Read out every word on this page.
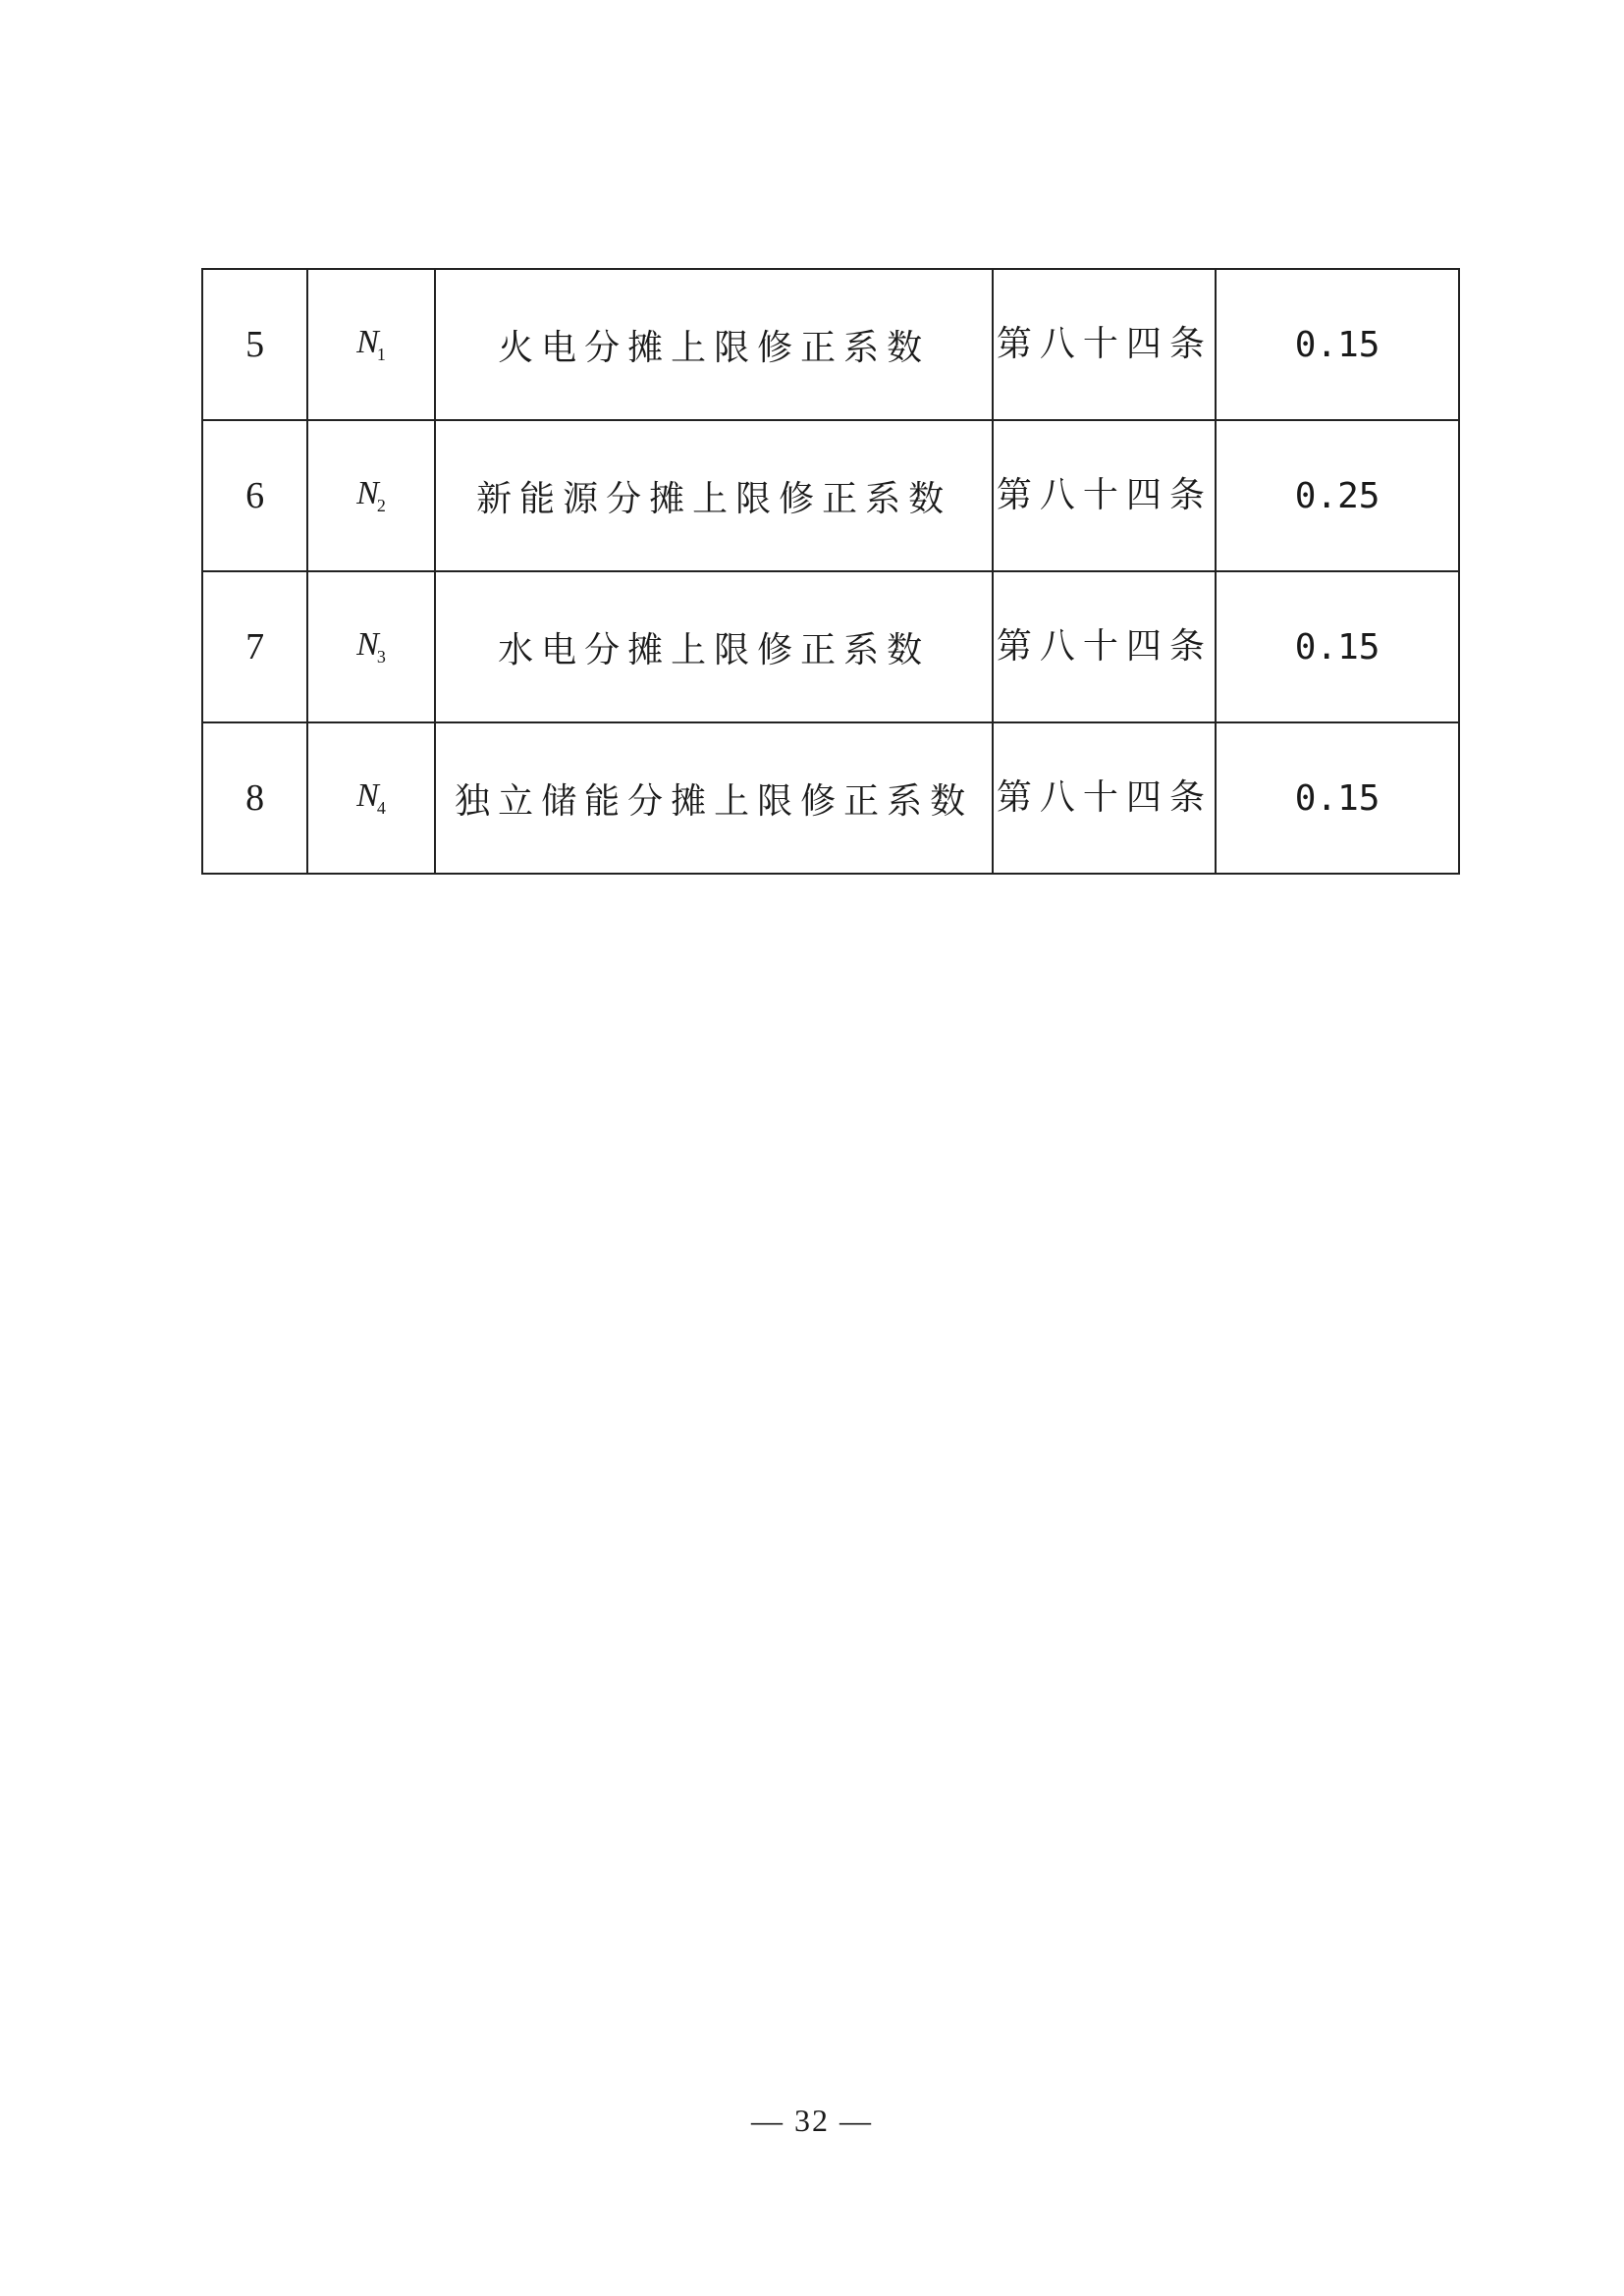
5	$N_1$	火电分摊上限修正系数	第八十四条	0.15
6	$N_2$	新能源分摊上限修正系数	第八十四条	0.25
7	$N_3$	水电分摊上限修正系数	第八十四条	0.15
8	$N_4$	独立储能分摊上限修正系数	第八十四条	0.15
— 32 —
